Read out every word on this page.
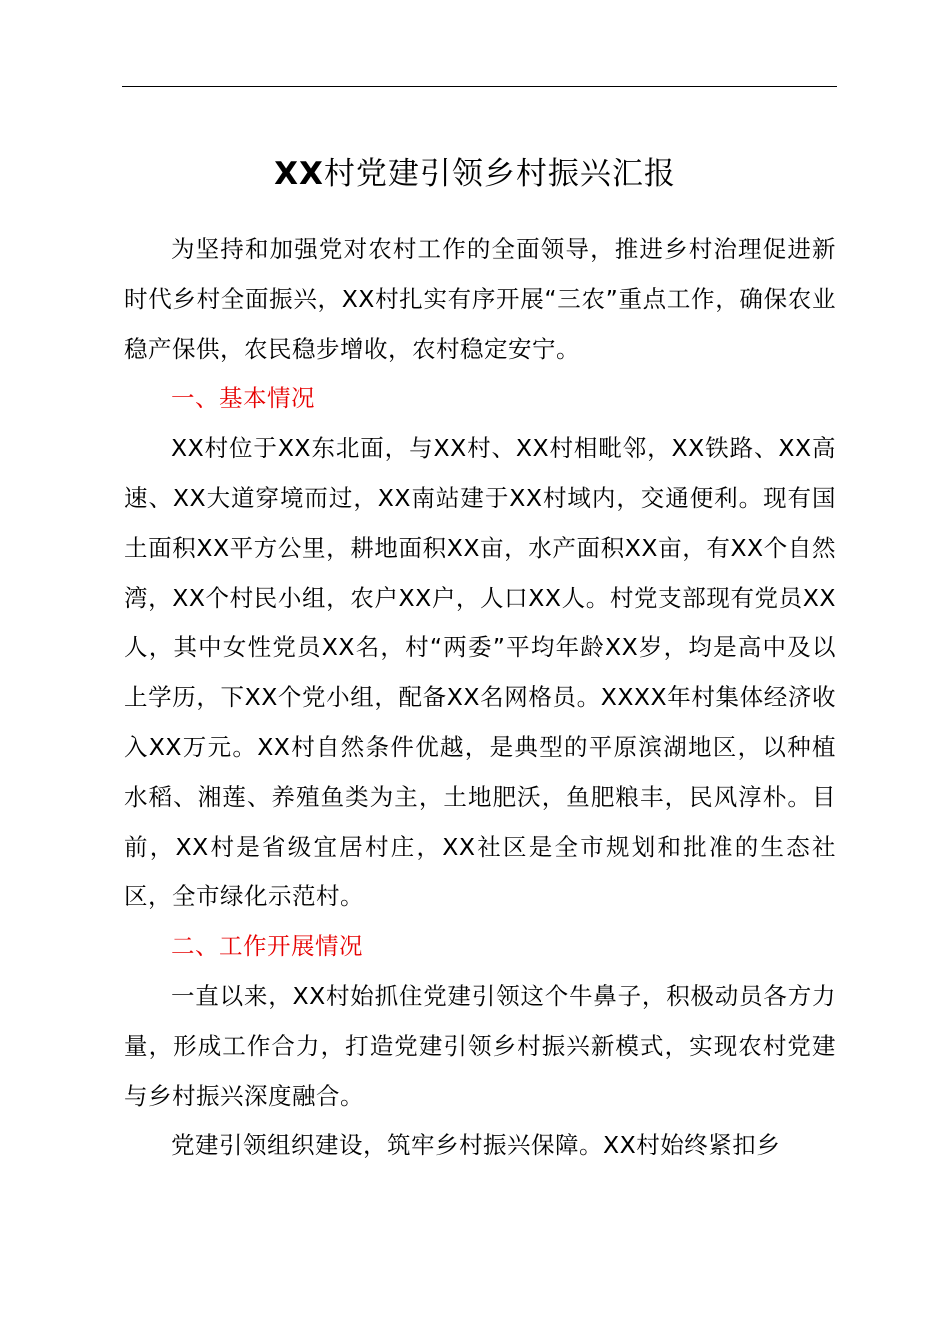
XX村党建引领乡村振兴汇报

为坚持和加强党对农村工作的全面领导，推进乡村治理促进新时代乡村全面振兴，XX村扎实有序开展“三农”重点工作，确保农业稳产保供，农民稳步增收，农村稳定安宁。

一、基本情况

XX村位于XX东北面，与XX村、XX村相毗邻，XX铁路、XX高速、XX大道穿境而过，XX南站建于XX村域内，交通便利。现有国土面积XX平方公里，耕地面积XX亩，水产面积XX亩，有XX个自然湾，XX个村民小组，农户XX户，人口XX人。村党支部现有党员XX人，其中女性党员XX名，村“两委”平均年龄XX岁，均是高中及以上学历，下XX个党小组，配备XX名网格员。XXXX年村集体经济收入XX万元。XX村自然条件优越，是典型的平原滨湖地区，以种植水稻、湘莲、养殖鱼类为主，土地肥沃，鱼肥粮丰，民风淳朴。目前，XX村是省级宜居村庄，XX社区是全市规划和批准的生态社区，全市绿化示范村。

二、工作开展情况

一直以来，XX村始抓住党建引领这个牛鼻子，积极动员各方力量，形成工作合力，打造党建引领乡村振兴新模式，实现农村党建与乡村振兴深度融合。

党建引领组织建设，筑牢乡村振兴保障。XX村始终紧扣乡
